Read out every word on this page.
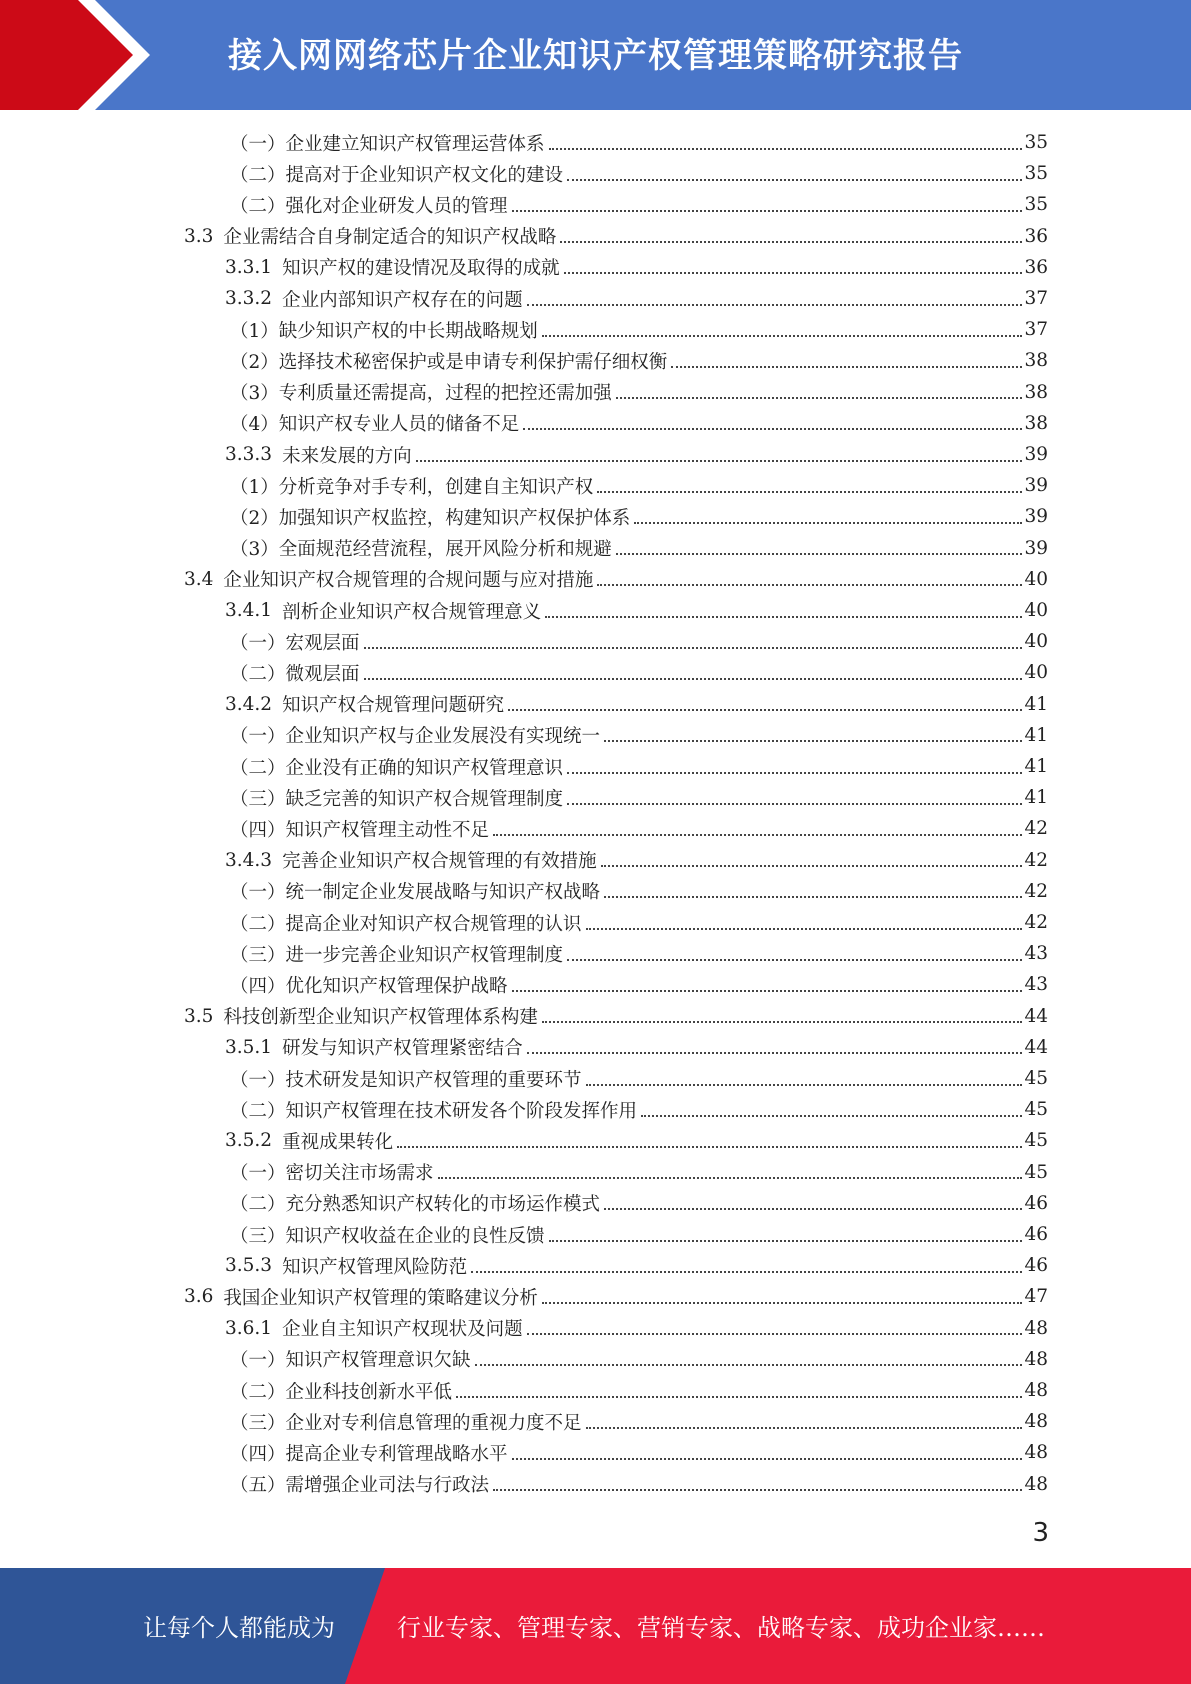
接入网网络芯片企业知识产权管理策略研究报告
（一）企业建立知识产权管理运营体系	35
（二）提高对于企业知识产权文化的建设	35
（二）强化对企业研发人员的管理	35
3.3 企业需结合自身制定适合的知识产权战略	36
3.3.1 知识产权的建设情况及取得的成就	36
3.3.2 企业内部知识产权存在的问题	37
（1）缺少知识产权的中长期战略规划	37
（2）选择技术秘密保护或是申请专利保护需仔细权衡	38
（3）专利质量还需提高，过程的把控还需加强	38
（4）知识产权专业人员的储备不足	38
3.3.3 未来发展的方向	39
（1）分析竞争对手专利，创建自主知识产权	39
（2）加强知识产权监控，构建知识产权保护体系	39
（3）全面规范经营流程，展开风险分析和规避	39
3.4 企业知识产权合规管理的合规问题与应对措施	40
3.4.1 剖析企业知识产权合规管理意义	40
（一）宏观层面	40
（二）微观层面	40
3.4.2 知识产权合规管理问题研究	41
（一）企业知识产权与企业发展没有实现统一	41
（二）企业没有正确的知识产权管理意识	41
（三）缺乏完善的知识产权合规管理制度	41
（四）知识产权管理主动性不足	42
3.4.3 完善企业知识产权合规管理的有效措施	42
（一）统一制定企业发展战略与知识产权战略	42
（二）提高企业对知识产权合规管理的认识	42
（三）进一步完善企业知识产权管理制度	43
（四）优化知识产权管理保护战略	43
3.5 科技创新型企业知识产权管理体系构建	44
3.5.1 研发与知识产权管理紧密结合	44
（一）技术研发是知识产权管理的重要环节	45
（二）知识产权管理在技术研发各个阶段发挥作用	45
3.5.2 重视成果转化	45
（一）密切关注市场需求	45
（二）充分熟悉知识产权转化的市场运作模式	46
（三）知识产权收益在企业的良性反馈	46
3.5.3 知识产权管理风险防范	46
3.6 我国企业知识产权管理的策略建议分析	47
3.6.1 企业自主知识产权现状及问题	48
（一）知识产权管理意识欠缺	48
（二）企业科技创新水平低	48
（三）企业对专利信息管理的重视力度不足	48
（四）提高企业专利管理战略水平	48
（五）需增强企业司法与行政法	48
3
让每个人都能成为	行业专家、管理专家、营销专家、战略专家、成功企业家……
